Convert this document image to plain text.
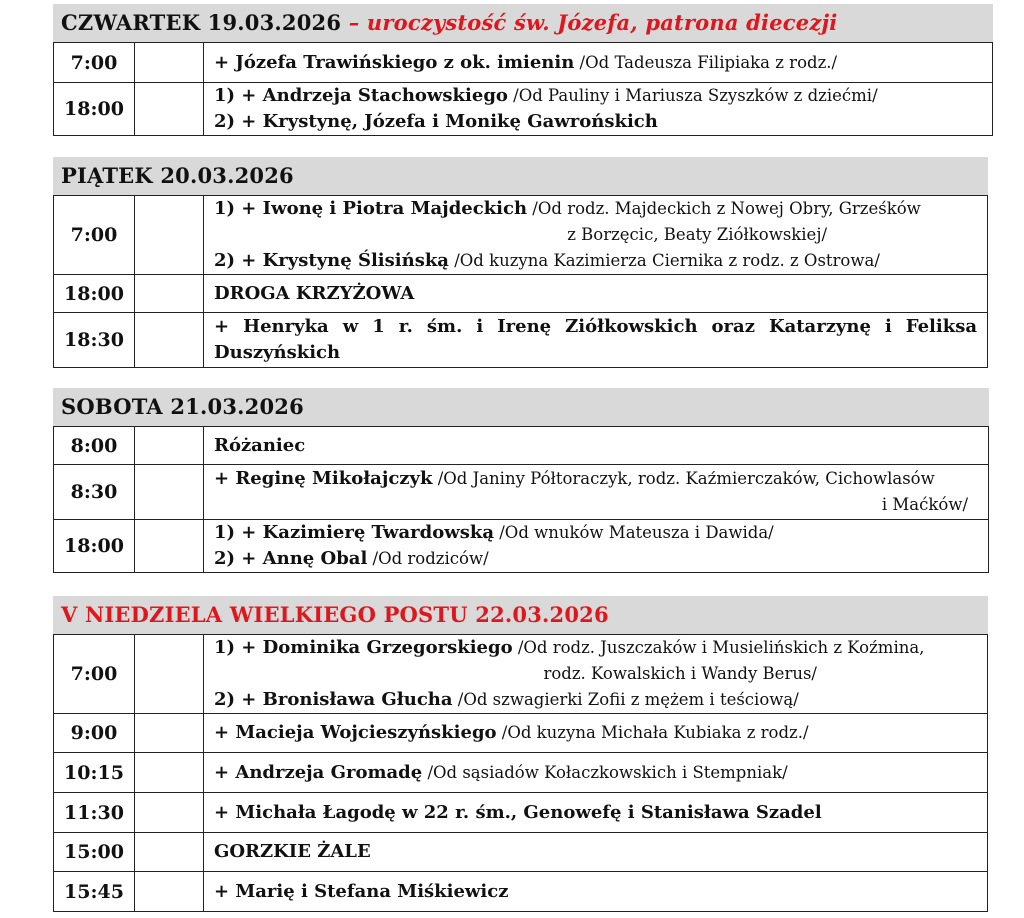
CZWARTEK 19.03.2026 – uroczystość św. Józefa, patrona diecezji
7:00		+ Józefa Trawińskiego z ok. imienin /Od Tadeusza Filipiaka z rodz./

18:00		1) + Andrzeja Stachowskiego /Od Pauliny i Mariusza Szyszków z dziećmi/
2) + Krystynę, Józefa i Monikę Gawrońskich
PIĄTEK 20.03.2026
7:00		1) + Iwonę i Piotra Majdeckich /Od rodz. Majdeckich z Nowej Obry, Grześków
z Borzęcic, Beaty Ziółkowskiej/
2) + Krystynę Ślisińską /Od kuzyna Kazimierza Ciernika z rodz. z Ostrowa/

18:00		DROGA KRZYŻOWA
18:30		+ Henryka w 1 r. śm. i Irenę Ziółkowskich oraz Katarzynę i Feliksa Duszyńskich
SOBOTA 21.03.2026
8:00		Różaniec
8:30		+ Reginę Mikołajczyk /Od Janiny Półtoraczyk, rodz. Kaźmierczaków, Cichowlasów
i Maćków/

18:00		1) + Kazimierę Twardowską /Od wnuków Mateusza i Dawida/
2) + Annę Obal /Od rodziców/
V NIEDZIELA WIELKIEGO POSTU 22.03.2026
7:00		1) + Dominika Grzegorskiego /Od rodz. Juszczaków i Musielińskich z Koźmina,
rodz. Kowalskich i Wandy Berus/
2) + Bronisława Głucha /Od szwagierki Zofii z mężem i teściową/

9:00		+ Macieja Wojcieszyńskiego /Od kuzyna Michała Kubiaka z rodz./
10:15		+ Andrzeja Gromadę /Od sąsiadów Kołaczkowskich i Stempniak/
11:30		+ Michała Łagodę w 22 r. śm., Genowefę i Stanisława Szadel
15:00		GORZKIE ŻALE
15:45		+ Marię i Stefana Miśkiewicz
